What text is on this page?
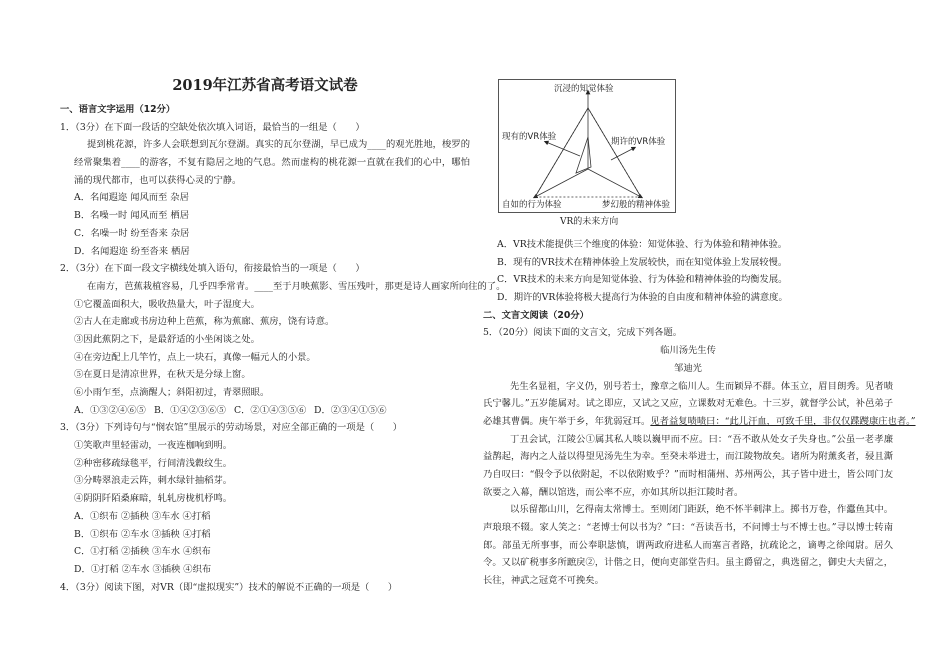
2019年江苏省高考语文试卷
一、语言文字运用（12分）
1．（3分）在下面一段话的空缺处依次填入词语，最恰当的一组是（　　）
提到桃花源，许多人会联想到瓦尔登湖。真实的瓦尔登湖，早已成为____的观光胜地，梭罗的
经常聚集着____的游客，不复有隐居之地的气息。然而虚构的桃花源一直就在我们的心中，哪怕
涌的现代都市，也可以获得心灵的宁静。
A．名闻遐迩 闻风而至 杂居
B．名噪一时 闻风而至 栖居
C．名噪一时 纷至沓来 杂居
D．名闻遐迩 纷至沓来 栖居
2．（3分）在下面一段文字横线处填入语句，衔接最恰当的一项是（　　）
在南方，芭蕉栽植容易，几乎四季常青。____至于月映蕉影、雪压残叶，那更是诗人画家所向往的了。
①它覆盖面积大，吸收热量大，叶子湿度大。
②古人在走廊或书房边种上芭蕉，称为蕉廊、蕉房，饶有诗意。
③因此蕉阴之下，是最舒适的小坐闲谈之处。
④在旁边配上几竿竹，点上一块石，真像一幅元人的小景。
⑤在夏日是清凉世界，在秋天是分绿上窗。
⑥小雨乍至，点滴醒人；斜阳初过，青翠照眼。
A．①③②④⑥⑤ B．①④②③⑥⑤ C．②①④③⑤⑥ D．②③④①⑤⑥
3．（3分）下列诗句与“悯农馆”里展示的劳动场景，对应全部正确的一项是（　　）
①笑歌声里轻雷动，一夜连枷响到明。
②种密移疏绿毯平，行间清浅縠纹生。
③分畴翠浪走云阵，刺水绿针抽稻芽。
④阴阴阡陌桑麻暗，轧轧房栊机杼鸣。
A．①织布 ②插秧 ③车水 ④打稻
B．①织布 ②车水 ③插秧 ④打稻
C．①打稻 ②插秧 ③车水 ④织布
D．①打稻 ②车水 ③插秧 ④织布
4．（3分）阅读下图，对VR（即“虚拟现实”）技术的解说不正确的一项是（　　）
沉浸的知觉体验
现有的VR体验	期许的VR体验
自如的行为体验	梦幻般的精神体验
VR的未来方向
A．VR技术能提供三个维度的体验：知觉体验、行为体验和精神体验。
B．现有的VR技术在精神体验上发展较快，而在知觉体验上发展较慢。
C．VR技术的未来方向是知觉体验、行为体验和精神体验的均衡发展。
D．期许的VR体验将极大提高行为体验的自由度和精神体验的满意度。
二、文言文阅读（20分）
5．（20分）阅读下面的文言文，完成下列各题。
临川汤先生传
邹迪光
先生名显祖，字义仍，别号若士，豫章之临川人。生而颖异不群。体玉立，眉目朗秀。见者啧
氏宁馨儿。”五岁能属对。试之即应，又试之又应，立课数对无难色。十三岁，就督学公试，补邑弟子
必雄其曹偶。庚午举于乡，年犹弱冠耳。见者益复啧啧曰：“此儿汗血，可致千里，非仅仅蹀躞康庄也者。”
丁丑会试，江陵公①属其私人啖以巍甲而不应。曰：“吾不敢从处女子失身也。”公虽一老孝廉
益鹊起，海内之人益以得望见汤先生为幸。至癸未举进士，而江陵物故矣。诸所为附薰炙者，骎且澌
乃自叹曰：“假令予以依附起，不以依附败乎？”而时相蒲州、苏州两公，其子皆中进士，皆公同门友
欲要之入幕，酬以馆选，而公率不应，亦如其所以拒江陵时者。
以乐留都山川，乞得南太常博士。至则闭门距跃，绝不怀半刺津上。掷书万卷，作蠹鱼其中。
声琅琅不辍。家人笑之：“老博士何以书为？”曰：“吾读吾书，不问博士与不博士也。”寻以博士转南
郎。部虽无所事事，而公奉职毖慎，谓两政府进私人而塞言者路，抗疏论之，谪粤之徐闻尉。居久
令。又以矿税事多所蹠戾②，计偕之日，便向吏部堂告归。虽主爵留之，典选留之，御史大夫留之，
长往，神武之冠竟不可挽矣。
